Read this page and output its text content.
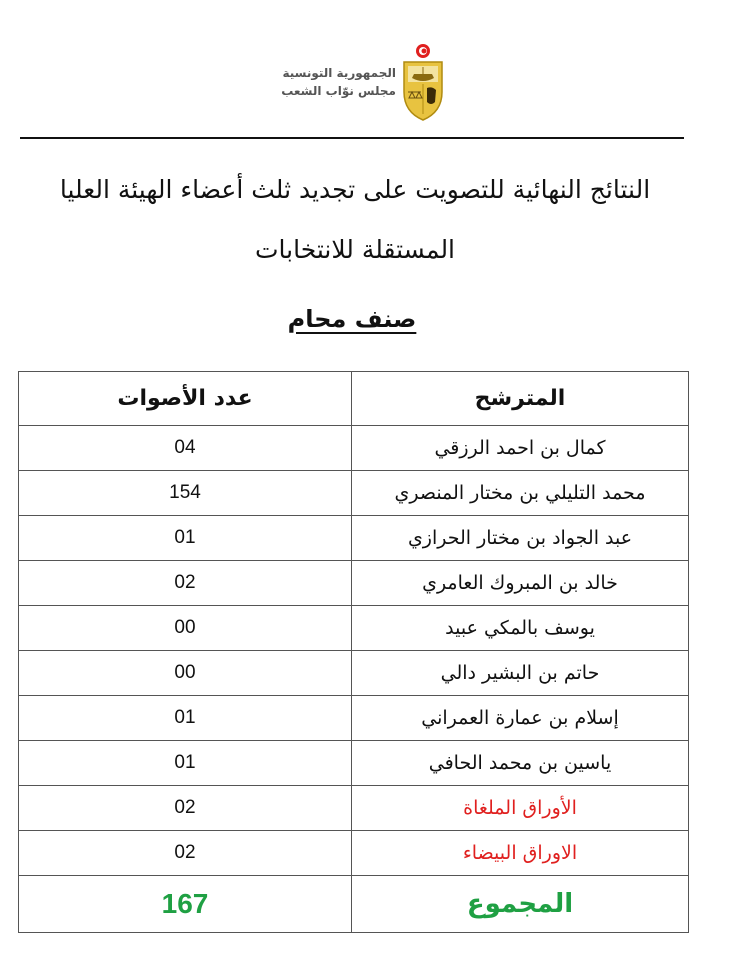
الجمهورية التونسية
مجلس نوّاب الشعب
النتائج النهائية للتصويت على تجديد ثلث أعضاء الهيئة العليا
المستقلة للانتخابات
صنف محام
المترشح	عدد الأصوات
كمال بن احمد الرزقي	04
محمد التليلي بن مختار المنصري	154
عبد الجواد بن مختار الحرازي	01
خالد بن المبروك العامري	02
يوسف بالمكي عبيد	00
حاتم بن البشير دالي	00
إسلام بن عمارة العمراني	01
ياسين بن محمد الحافي	01
الأوراق الملغاة	02
الاوراق البيضاء	02
المجموع	167
